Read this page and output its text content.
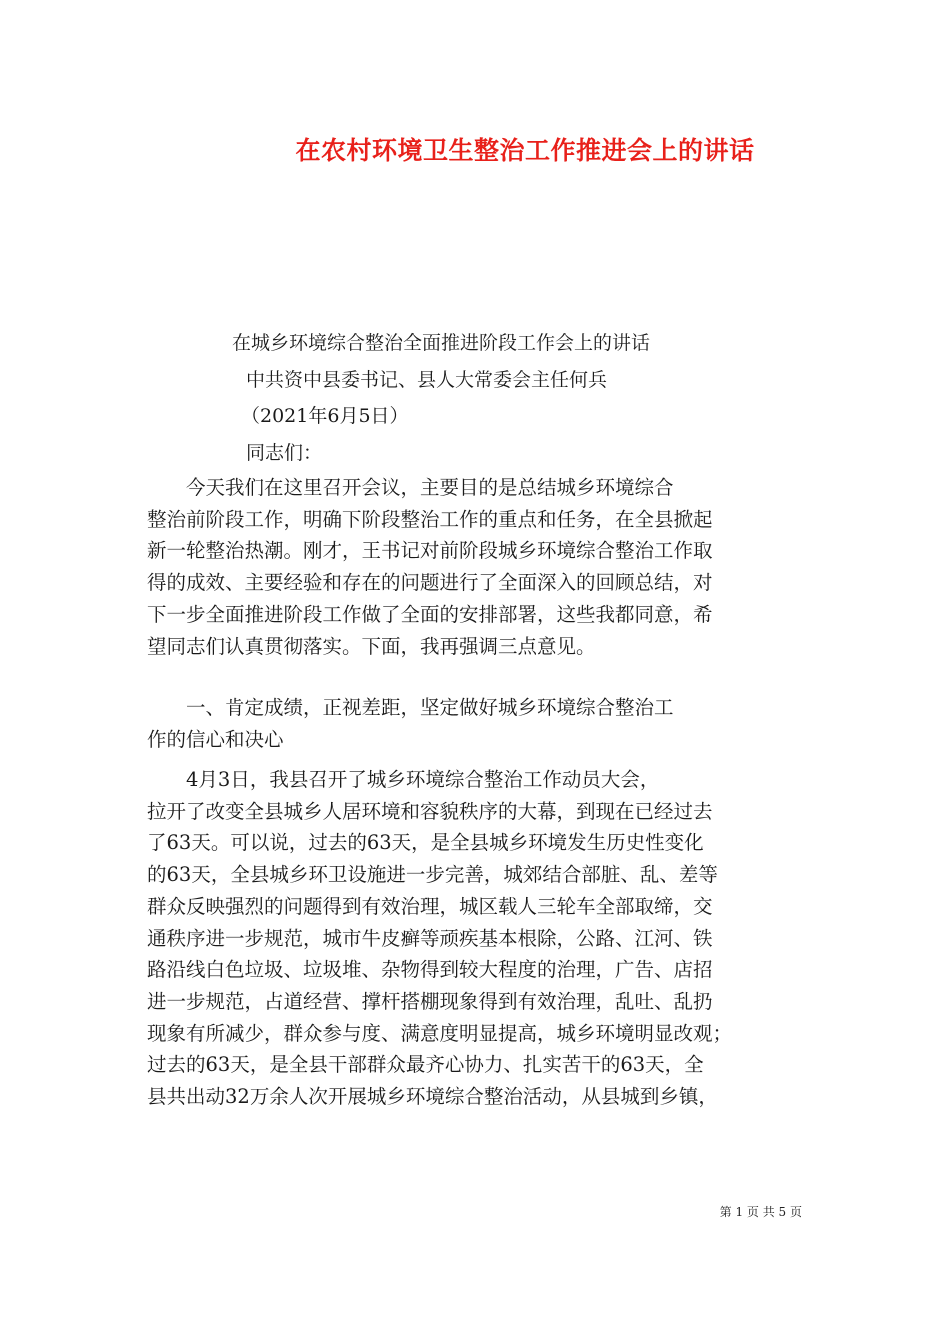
在农村环境卫生整治工作推进会上的讲话
在城乡环境综合整治全面推进阶段工作会上的讲话
中共资中县委书记、县人大常委会主任何兵
（2021年6月5日）
同志们：
　　今天我们在这里召开会议，主要目的是总结城乡环境综合
整治前阶段工作，明确下阶段整治工作的重点和任务，在全县掀起
新一轮整治热潮。刚才，王书记对前阶段城乡环境综合整治工作取
得的成效、主要经验和存在的问题进行了全面深入的回顾总结，对
下一步全面推进阶段工作做了全面的安排部署，这些我都同意，希
望同志们认真贯彻落实。下面，我再强调三点意见。
　　一、肯定成绩，正视差距，坚定做好城乡环境综合整治工
作的信心和决心
　　4月3日，我县召开了城乡环境综合整治工作动员大会，
拉开了改变全县城乡人居环境和容貌秩序的大幕，到现在已经过去
了63天。可以说，过去的63天，是全县城乡环境发生历史性变化
的63天，全县城乡环卫设施进一步完善，城郊结合部脏、乱、差等
群众反映强烈的问题得到有效治理，城区载人三轮车全部取缔，交
通秩序进一步规范，城市牛皮癣等顽疾基本根除，公路、江河、铁
路沿线白色垃圾、垃圾堆、杂物得到较大程度的治理，广告、店招
进一步规范，占道经营、撑杆搭棚现象得到有效治理，乱吐、乱扔
现象有所减少，群众参与度、满意度明显提高，城乡环境明显改观；
过去的63天，是全县干部群众最齐心协力、扎实苦干的63天，全
县共出动32万余人次开展城乡环境综合整治活动，从县城到乡镇，
第 1 页 共 5 页
